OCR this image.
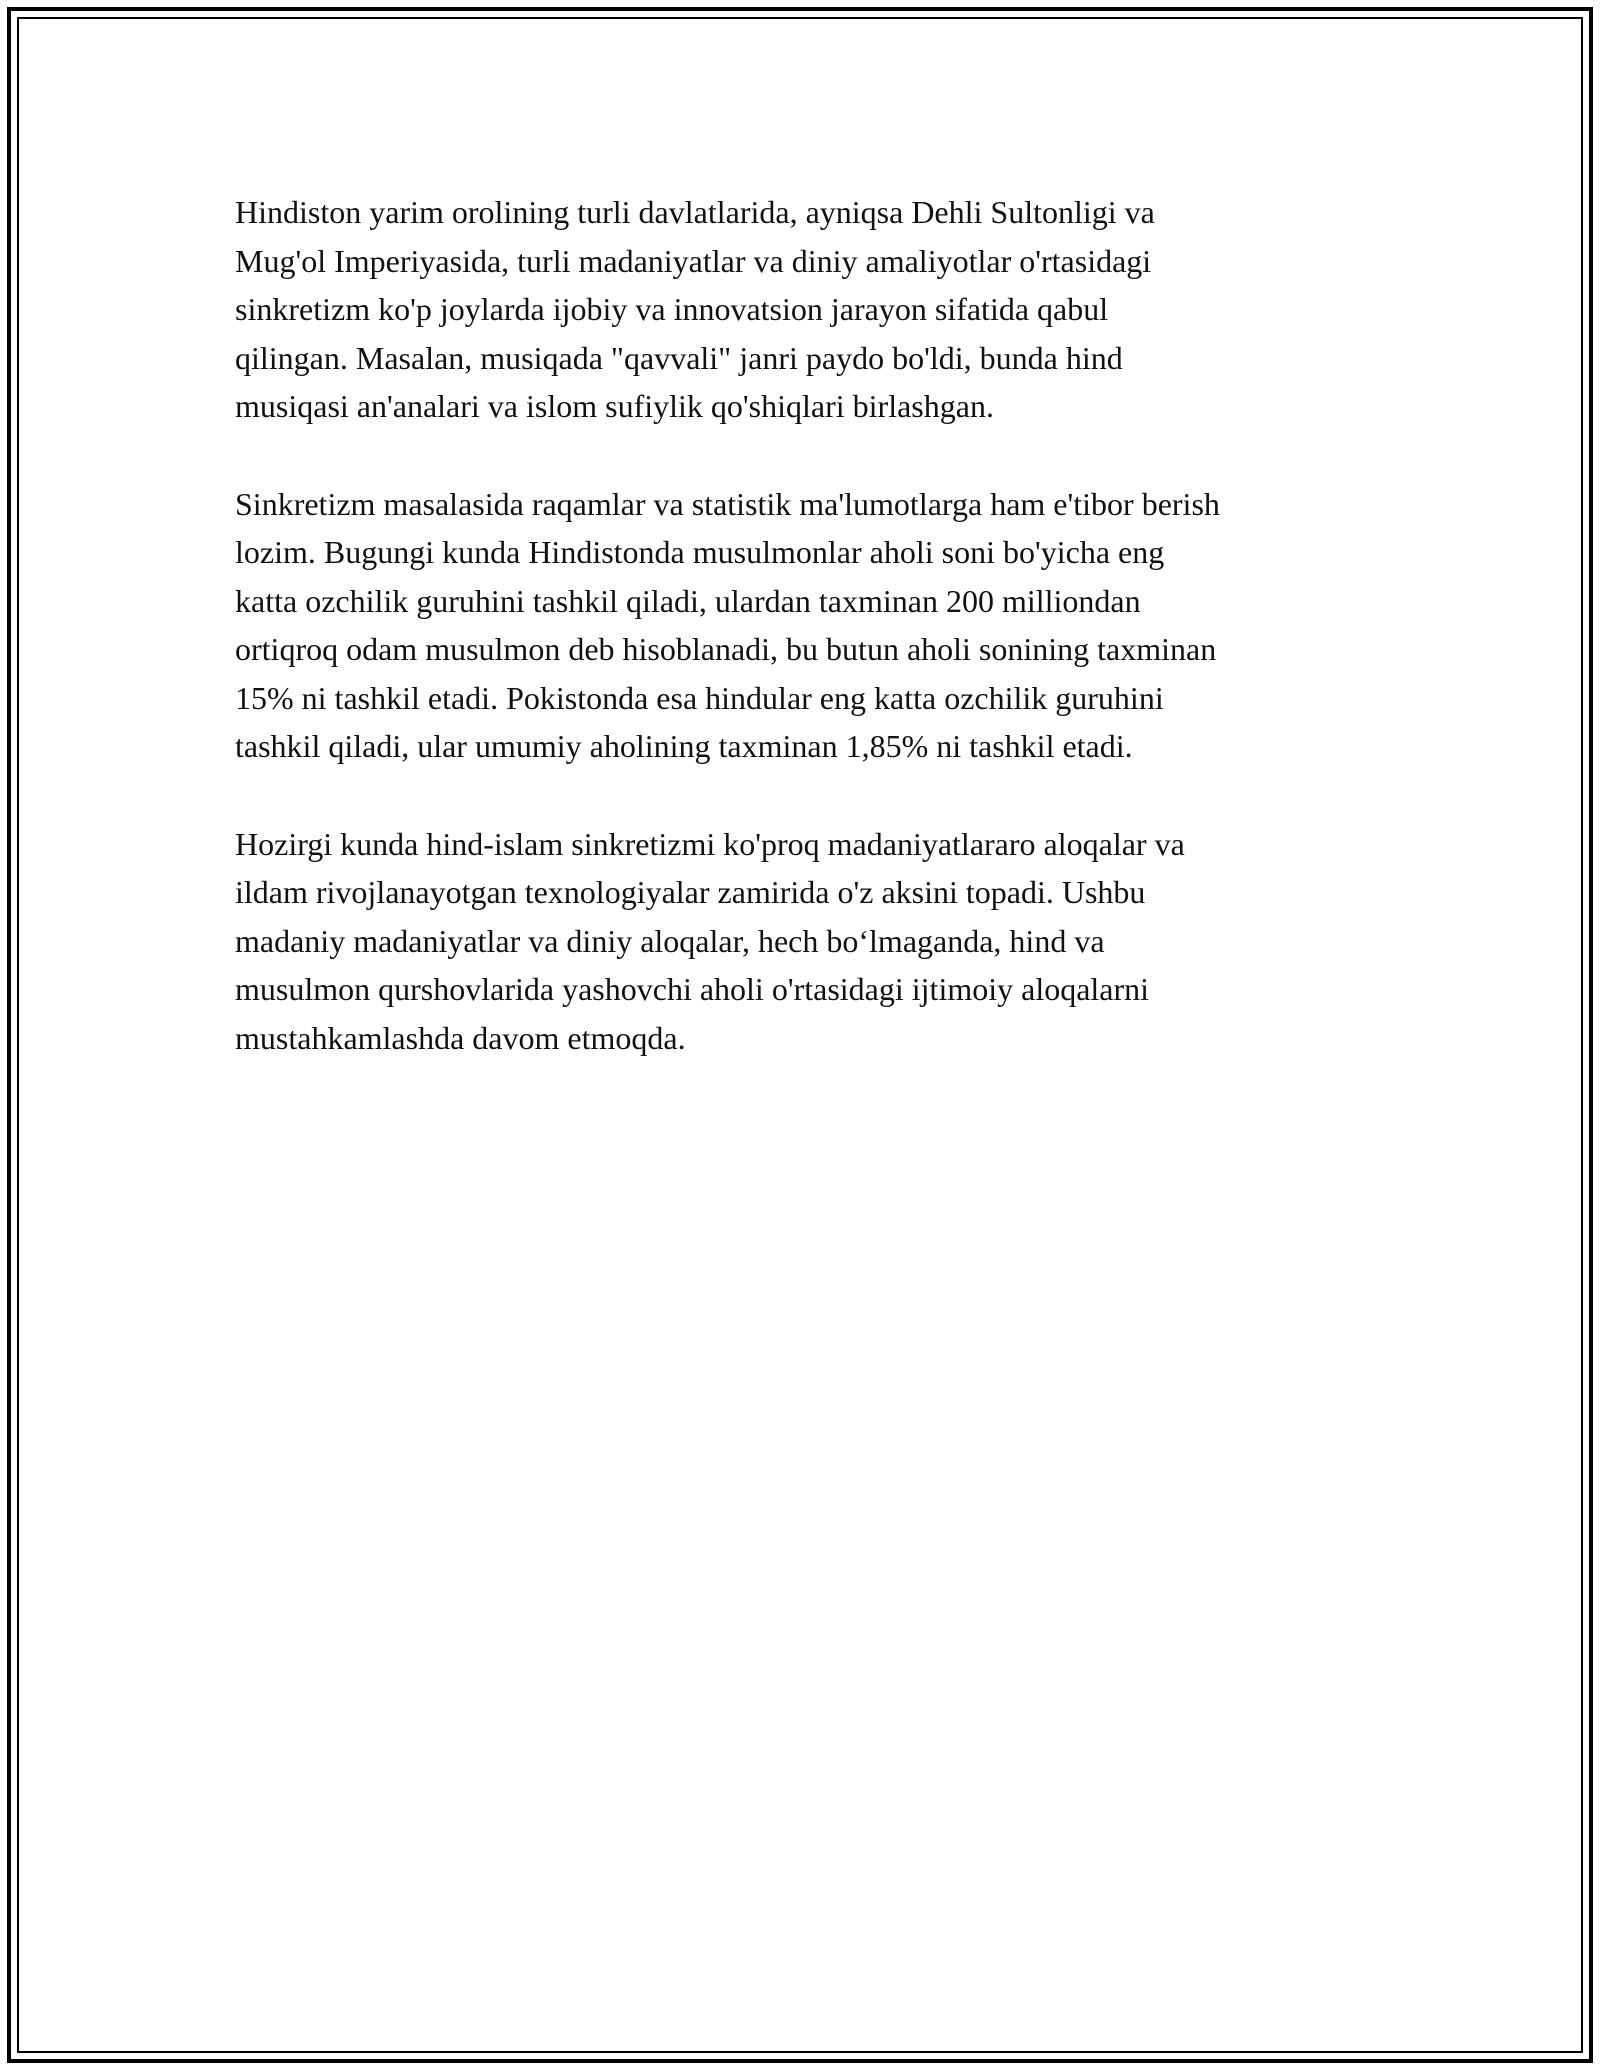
Hindiston yarim orolining turli davlatlarida, ayniqsa Dehli Sultonligi va
Mug'ol Imperiyasida, turli madaniyatlar va diniy amaliyotlar o'rtasidagi
sinkretizm ko'p joylarda ijobiy va innovatsion jarayon sifatida qabul
qilingan. Masalan, musiqada "qavvali" janri paydo bo'ldi, bunda hind
musiqasi an'analari va islom sufiylik qo'shiqlari birlashgan.

Sinkretizm masalasida raqamlar va statistik ma'lumotlarga ham e'tibor berish
lozim. Bugungi kunda Hindistonda musulmonlar aholi soni bo'yicha eng
katta ozchilik guruhini tashkil qiladi, ulardan taxminan 200 milliondan
ortiqroq odam musulmon deb hisoblanadi, bu butun aholi sonining taxminan
15% ni tashkil etadi. Pokistonda esa hindular eng katta ozchilik guruhini
tashkil qiladi, ular umumiy aholining taxminan 1,85% ni tashkil etadi.

Hozirgi kunda hind-islam sinkretizmi ko'proq madaniyatlararo aloqalar va
ildam rivojlanayotgan texnologiyalar zamirida o'z aksini topadi. Ushbu
madaniy madaniyatlar va diniy aloqalar, hech boʻlmaganda, hind va
musulmon qurshovlarida yashovchi aholi o'rtasidagi ijtimoiy aloqalarni
mustahkamlashda davom etmoqda.
